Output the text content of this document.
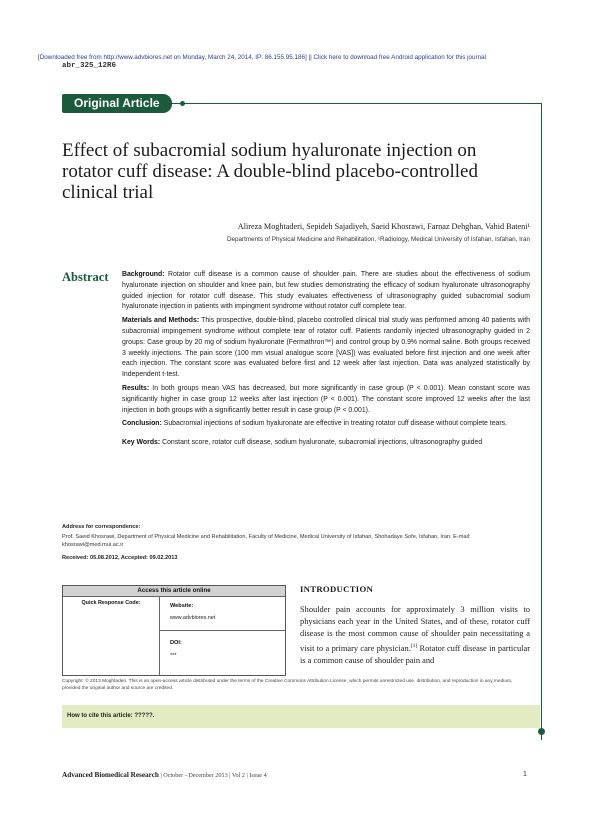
[Downloaded free from http://www.advbiores.net on Monday, March 24, 2014, IP: 86.155.95.186] || Click here to download free Android application for this journal
abr_325_12R6
Original Article
Effect of subacromial sodium hyaluronate injection on rotator cuff disease: A double-blind placebo-controlled clinical trial
Alireza Moghtaderi, Sepideh Sajadiyeh, Saeid Khosrawi, Farnaz Dehghan, Vahid Bateni¹
Departments of Physical Medicine and Rehabilitation, ¹Radiology, Medical University of Isfahan, Isfahan, Iran
Abstract Background: Rotator cuff disease is a common cause of shoulder pain. There are studies about the effectiveness of sodium hyaluronate injection on shoulder and knee pain, but few studies demonstrating the efficacy of sodium hyaluronate ultrasonography guided injection for rotator cuff disease. This study evaluates effectiveness of ultrasonography guided subacromial sodium hyaluronate injection in patients with impingment syndrome without rotator cuff complete tear.

Materials and Methods: This prospective, double-blind, placebo controlled clinical trial study was performed among 40 patients with subacromial impingement syndrome without complete tear of rotator cuff. Patients randomly injected ultrasonography guided in 2 groups: Case group by 20 mg of sodium hyaluronate (Fermathron™) and control group by 0.9% normal saline. Both groups received 3 weekly injections. The pain score (100 mm visual analogue score [VAS]) was evaluated before first injection and one week after each injection. The constant score was evaluated before first and 12 week after last injection. Data was analyzed statistically by Independent t-test.

Results: In both groups mean VAS has decreased, but more significantly in case group (P < 0.001). Mean constant score was significantly higher in case group 12 weeks after last injection (P < 0.001). The constant score improved 12 weeks after the last injection in both groups with a significantly better result in case group (P < 0.001).

Conclusion: Subacromial injections of sodium hyaluronate are effective in treating rotator cuff disease without complete tears.

Key Words: Constant score, rotator cuff disease, sodium hyaluronate, subacromial injections, ultrasonography guided

Address for correspondence:
Prof. Saeid Khosrawi, Department of Physical Medicine and Rehabilitation, Faculty of Medicine, Medical University of Isfahan, Shohadaye Sofe, Isfahan, Iran. E-mail: khosrawi@med.mui.ac.ir
Received: 05.08.2012, Accepted: 09.02.2013
Access this article online
Quick Response Code:	Website:
www.advbiores.net
DOI:
***
INTRODUCTION
Shoulder pain accounts for approximately 3 million visits to physicians each year in the United States, and of these, rotator cuff disease is the most common cause of shoulder pain necessitating a visit to a primary care physician.[1] Rotator cuff disease in particular is a common cause of shoulder pain and
Copyright: © 2013 Moghtaderi. This is an open-access article distributed under the terms of the Creative Commons Attribution License, which permits unrestricted use, distribution, and reproduction in any medium, provided the original author and source are credited.
How to cite this article: ?????.
Advanced Biomedical Research | October - December 2013 | Vol 2 | Issue 4	1
